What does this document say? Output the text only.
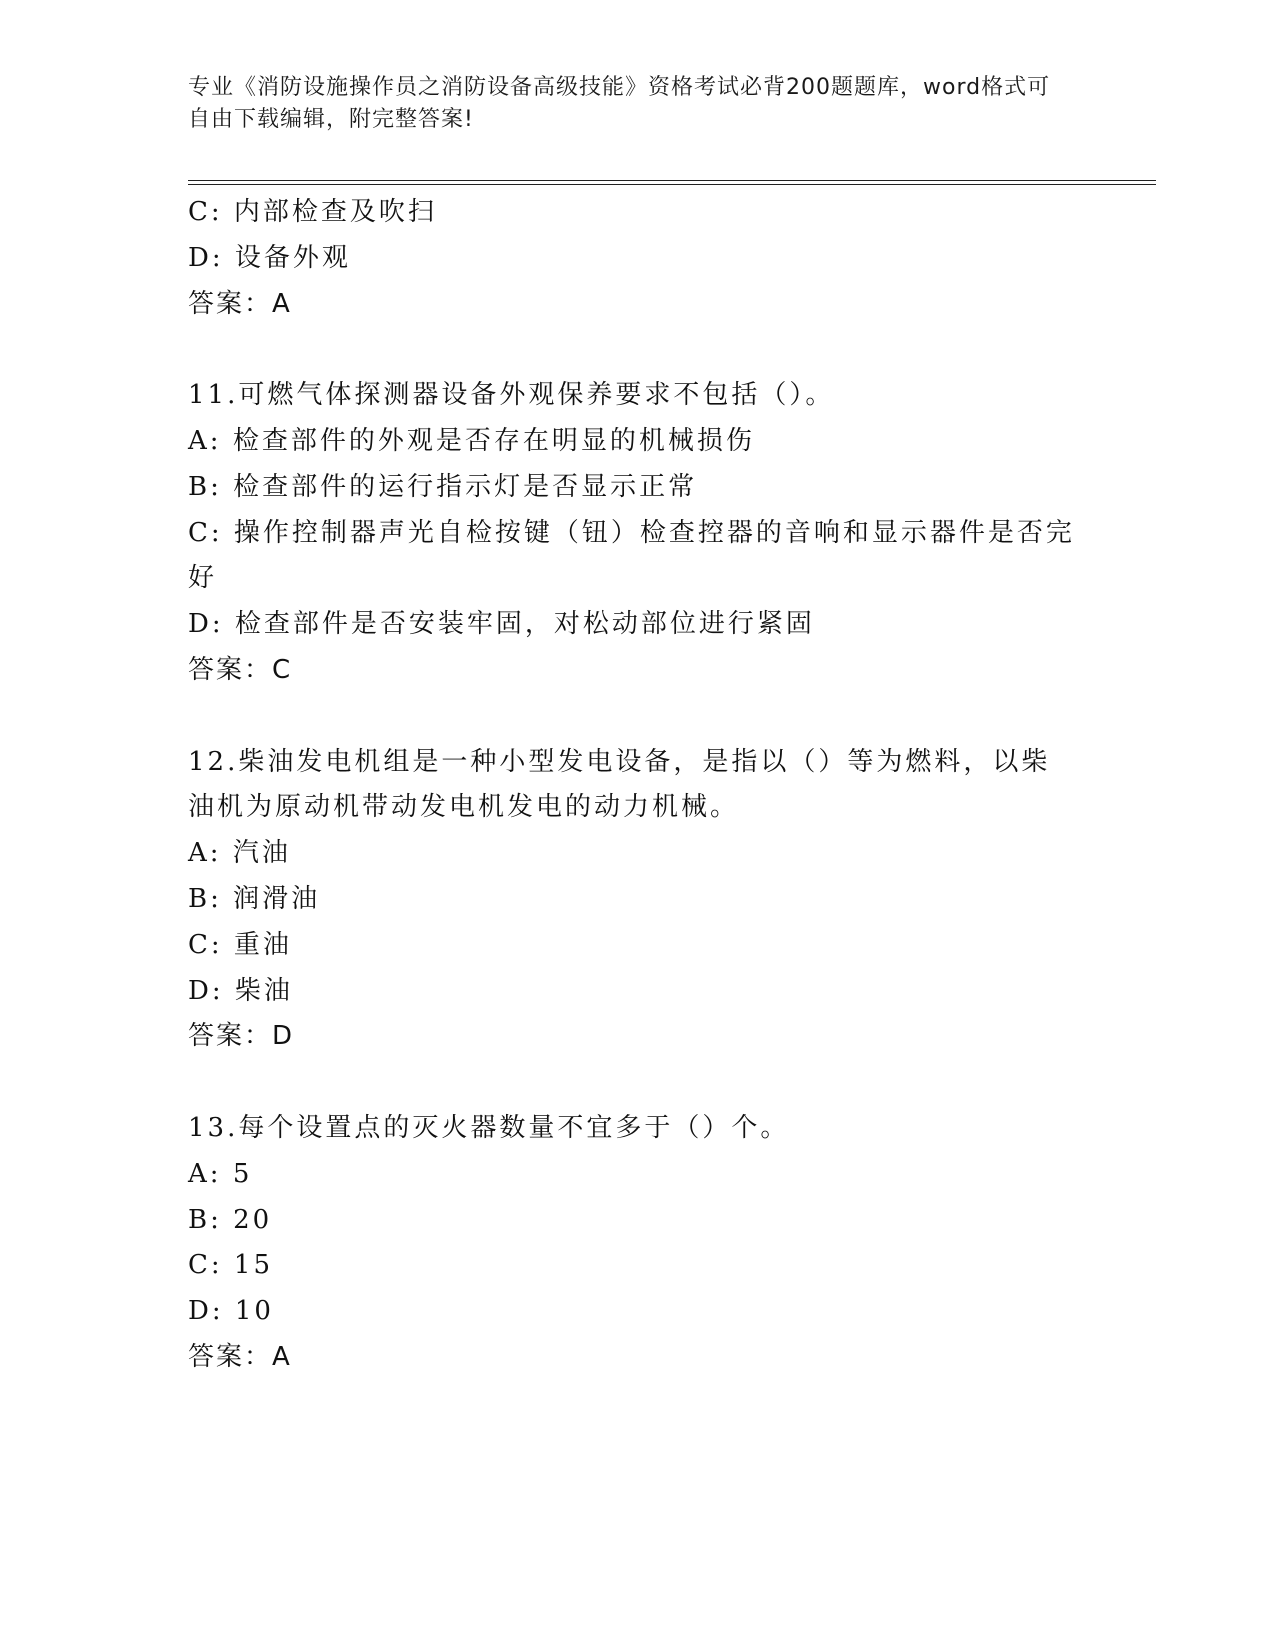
专业《消防设施操作员之消防设备高级技能》资格考试必背200题题库，word格式可自由下载编辑，附完整答案!
C: 内部检查及吹扫
D: 设备外观
答案：A
11.可燃气体探测器设备外观保养要求不包括（）。
A: 检查部件的外观是否存在明显的机械损伤
B: 检查部件的运行指示灯是否显示正常
C: 操作控制器声光自检按键（钮）检查控器的音响和显示器件是否完好
D: 检查部件是否安装牢固，对松动部位进行紧固
答案：C
12.柴油发电机组是一种小型发电设备，是指以（）等为燃料，以柴油机为原动机带动发电机发电的动力机械。
A: 汽油
B: 润滑油
C: 重油
D: 柴油
答案：D
13.每个设置点的灭火器数量不宜多于（）个。
A: 5
B: 20
C: 15
D: 10
答案：A
